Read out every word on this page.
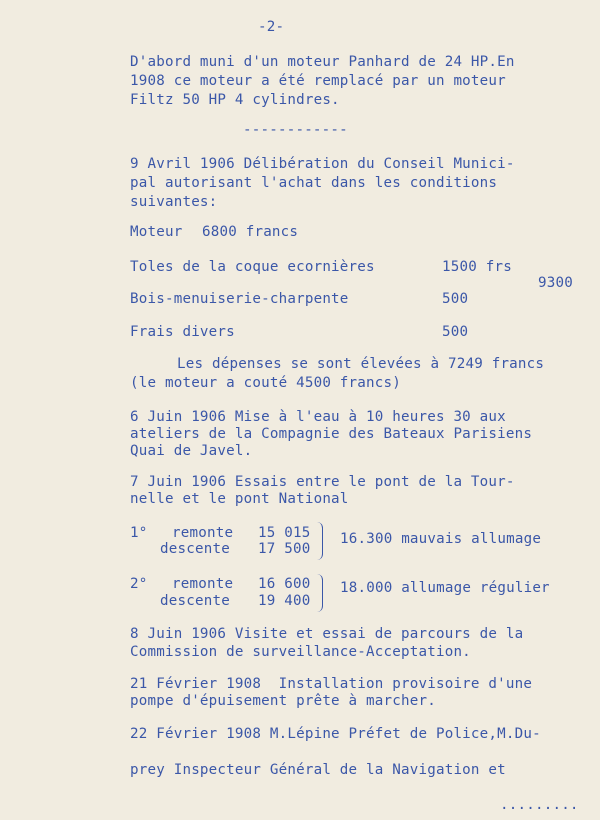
-2-
D'abord muni d'un moteur Panhard de 24 HP.En
1908 ce moteur a été remplacé par un moteur
Filtz 50 HP 4 cylindres.
------------
9 Avril 1906 Délibération du Conseil Munici-
pal autorisant l'achat dans les conditions
suivantes:
Moteur 6800 francs
Toles de la coque ecornières	1500 frs
9300
Bois-menuiserie-charpente	500
Frais divers	500
Les dépenses se sont élevées à 7249 francs
(le moteur a couté 4500 francs)
6 Juin 1906 Mise à l'eau à 10 heures 30 aux
ateliers de la Compagnie des Bateaux Parisiens
Quai de Javel.
7 Juin 1906 Essais entre le pont de la Tour-
nelle et le pont National
1° remonte 15 015
descente 17 500
16.300 mauvais allumage
2° remonte 16 600
descente 19 400
18.000 allumage régulier
8 Juin 1906 Visite et essai de parcours de la
Commission de surveillance-Acceptation.
21 Février 1908  Installation provisoire d'une
pompe d'épuisement prête à marcher.
22 Février 1908 M.Lépine Préfet de Police,M.Du-
prey Inspecteur Général de la Navigation et
.........
